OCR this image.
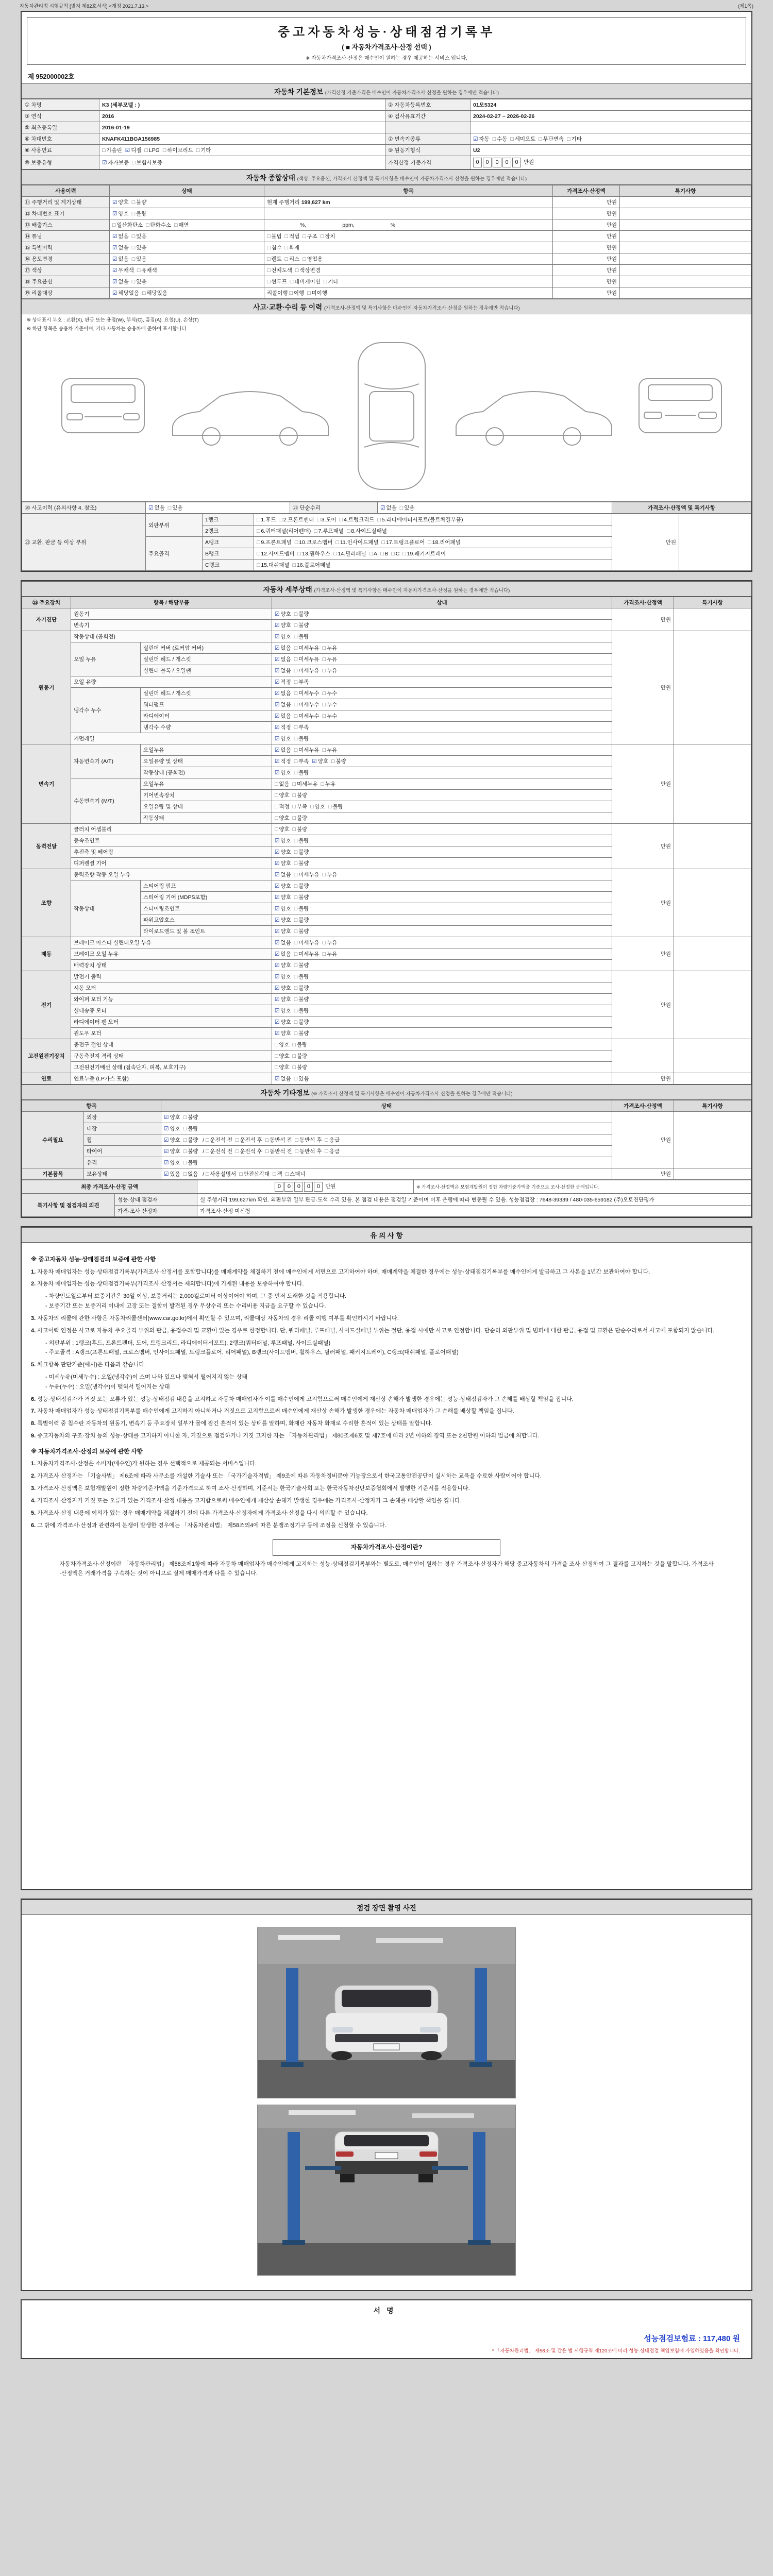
자동차관리법 시행규칙 [별지 제82호서식] <개정 2021.7.13.>	(제1쪽)
중고자동차성능·상태점검기록부
( ■ 자동차가격조사·산정 선택 )
※ 자동차가격조사·산정은 매수인이 원하는 경우 제공하는 서비스 입니다.
제 952000002호
자동차 기본정보 (가격산정 기준가격은 매수인이 자동차가격조사·산정을 원하는 경우에만 적습니다)
① 차명	K3 (세부모델 : )	② 자동차등록번호	01모5324
③ 연식	2016	④ 검사유효기간	2024-02-27 ~ 2026-02-26
⑤ 최초등록일	2016-01-19		
⑥ 차대번호	KNAFK411BGA156985	⑦ 변속기종류	☑ 자동 □ 수동 □ 세미오토 □ 무단변속 □ 기타
⑧ 사용연료	□ 가솔린 ☑ 디젤 □ LPG □ 하이브리드 □ 기타	⑨ 원동기형식	U2
⑩ 보증유형	☑ 자가보증 □ 보험사보증	가격산정 기준가격	0 0 0 0 0 만원
자동차 종합상태 (색상, 주요옵션, 가격조사·산정액 및 특기사항은 매수인이 자동차가격조사·산정을 원하는 경우에만 적습니다)
사용이력	상태	항목	가격조사·산정액	특기사항
⑪ 주행거리 및 계기상태	☑ 양호 □ 불량	현재 주행거리 199,627 km	만원	
⑫ 차대번호 표기	☑ 양호 □ 불량		만원	
⑬ 배출가스	□ 일산화탄소 □ 탄화수소 □ 매연	%, ppm, %	만원	
⑭ 튜닝	☑ 없음 □ 있음	□ 불법 □ 적법 □ 구조 □ 장치	만원	
⑮ 특별이력	☑ 없음 □ 있음	□ 침수 □ 화재	만원	
⑯ 용도변경	☑ 없음 □ 있음	□ 렌트 □ 리스 □ 영업용	만원	
⑰ 색상	☑ 무채색 □ 유채색	□ 전체도색 □ 색상변경	만원	
⑱ 주요옵션	☑ 없음 □ 있음	□ 썬루프 □ 네비게이션 □ 기타	만원	
⑲ 리콜대상	☑ 해당없음 □ 해당있음	리콜이행 □ 이행 □ 미이행	만원	
사고·교환·수리 등 이력 (가격조사·산정액 및 특기사항은 매수인이 자동차가격조사·산정을 원하는 경우에만 적습니다)
※ 상태표시 부호 : 교환(X), 판금 또는 용접(W), 부식(C), 흠집(A), 요철(U), 손상(T)
※ 하단 항목은 승용차 기준이며, 기타 자동차는 승용차에 준하여 표시합니다.
⑳ 사고이력 (유의사항 4. 참조)	☑ 없음 □ 있음	㉑ 단순수리	☑ 없음 □ 있음	가격조사·산정액 및 특기사항
㉒ 교환, 판금 등 이상 부위	외판부위	1랭크	□ 1.후드 □ 2.프론트펜더 □ 3.도어 □ 4.트렁크리드 □ 5.라디에이터서포트(볼트체결부품)	만원	
		2랭크	□ 6.쿼터패널(리어펜더) □ 7.루프패널 □ 8.사이드실패널		
	주요골격	A랭크	□ 9.프론트패널 □ 10.크로스멤버 □ 11.인사이드패널 □ 17.트렁크플로어 □ 18.리어패널		
		B랭크	□ 12.사이드멤버 □ 13.휠하우스 □ 14.필러패널 □ A □ B □ C □ 19.패키지트레이		
		C랭크	□ 15.대쉬패널 □ 16.플로어패널		
자동차 세부상태 (가격조사·산정액 및 특기사항은 매수인이 자동차가격조사·산정을 원하는 경우에만 적습니다)
㉓ 주요장치	항목 / 해당부품		상태	가격조사·산정액	특기사항
자기진단	원동기		☑ 양호 □ 불량	만원	
	변속기		☑ 양호 □ 불량		
원동기	작동상태 (공회전)		☑ 양호 □ 불량	만원	
	오일 누유	실린더 커버 (로커암 커버)	☑ 없음 □ 미세누유 □ 누유		
		실린더 헤드 / 개스킷	☑ 없음 □ 미세누유 □ 누유		
		실린더 블록 / 오일팬	☑ 없음 □ 미세누유 □ 누유		
	오일 유량		☑ 적정 □ 부족		
	냉각수 누수	실린더 헤드 / 개스킷	☑ 없음 □ 미세누수 □ 누수		
		워터펌프	☑ 없음 □ 미세누수 □ 누수		
		라디에이터	☑ 없음 □ 미세누수 □ 누수		
		냉각수 수량	☑ 적정 □ 부족		
	커먼레일		☑ 양호 □ 불량		
변속기	자동변속기 (A/T)	오일누유	☑ 없음 □ 미세누유 □ 누유	만원	
		오일유량 및 상태	☑ 적정 □ 부족 ☑ 양호 □ 불량		
		작동상태 (공회전)	☑ 양호 □ 불량		
	수동변속기 (M/T)	오일누유	□ 없음 □ 미세누유 □ 누유		
		기어변속장치	□ 양호 □ 불량		
		오일유량 및 상태	□ 적정 □ 부족 □ 양호 □ 불량		
		작동상태	□ 양호 □ 불량		
동력전달	클러치 어셈블리		□ 양호 □ 불량	만원	
	등속조인트		☑ 양호 □ 불량		
	추진축 및 베어링		☑ 양호 □ 불량		
	디퍼렌셜 기어		☑ 양호 □ 불량		
조향	동력조향 작동 오일 누유		☑ 없음 □ 미세누유 □ 누유	만원	
	작동상태	스티어링 펌프	☑ 양호 □ 불량		
		스티어링 기어 (MDPS포함)	☑ 양호 □ 불량		
		스티어링조인트	☑ 양호 □ 불량		
		파워고압호스	☑ 양호 □ 불량		
		타이로드엔드 및 볼 조인트	☑ 양호 □ 불량		
제동	브레이크 마스터 실린더오일 누유		☑ 없음 □ 미세누유 □ 누유	만원	
	브레이크 오일 누유		☑ 없음 □ 미세누유 □ 누유		
	배력장치 상태		☑ 양호 □ 불량		
전기	발전기 출력		☑ 양호 □ 불량	만원	
	시동 모터		☑ 양호 □ 불량		
	와이퍼 모터 기능		☑ 양호 □ 불량		
	실내송풍 모터		☑ 양호 □ 불량		
	라디에이터 팬 모터		☑ 양호 □ 불량		
	윈도우 모터		☑ 양호 □ 불량		
고전원전기장치	충전구 절연 상태		□ 양호 □ 불량		
	구동축전지 격리 상태		□ 양호 □ 불량		
	고전원전기배선 상태 (접속단자, 피복, 보호기구)		□ 양호 □ 불량		
연료	연료누출 (LP가스 포함)		☑ 없음 □ 있음	만원	
자동차 기타정보 (※ 가격조사·산정액 및 특기사항은 매수인이 자동차가격조사·산정을 원하는 경우에만 적습니다)
항목		상태	가격조사·산정액	특기사항
수리필요	외장	☑ 양호 □ 불량	만원	
	내장	☑ 양호 □ 불량		
	휠	☑ 양호 □ 불량 / □ 운전석 전 □ 운전석 후 □ 동반석 전 □ 동반석 후 □ 응급		
	타이어	☑ 양호 □ 불량 / □ 운전석 전 □ 운전석 후 □ 동반석 전 □ 동반석 후 □ 응급		
	유리	☑ 양호 □ 불량		
기본품목	보유상태	☑ 있음 □ 없음 / □ 사용설명서 □ 안전삼각대 □ 잭 □ 스패너	만원	
최종 가격조사·산정 금액	0 0 0 0 0 만원	※ 가격조사·산정액은 보험개발원이 정한 차량기준가액을 기준으로 조사·산정한 금액입니다.
특기사항 및 점검자의 의견	성능·상태 점검자	실 주행거리 199,627km 확인. 외판부위 일부 판금·도색 수리 있음. 본 점검 내용은 점검일 기준이며 이후 운행에 따라 변동될 수 있음. 성능점검장 : 7648-39339 / 480-035-659182 (주)오토진단평가
	가격·조사 산정자	가격조사·산정 미신청
유 의 사 항
※ 중고자동차 성능·상태점검의 보증에 관한 사항
1. 자동차 매매업자는 성능·상태점검기록부(가격조사·산정서를 포함합니다)를 매매계약을 체결하기 전에 매수인에게 서면으로 고지하여야 하며, 매매계약을 체결한 경우에는 성능·상태점검기록부를 매수인에게 발급하고 그 사본을 1년간 보관하여야 합니다.
2. 자동차 매매업자는 성능·상태점검기록부(가격조사·산정서는 제외합니다)에 기재된 내용을 보증하여야 합니다.
- 차량인도일로부터 보증기간은 30일 이상, 보증거리는 2,000킬로미터 이상이어야 하며, 그 중 먼저 도래한 것을 적용합니다.
- 보증기간 또는 보증거리 이내에 고장 또는 결함이 발견된 경우 무상수리 또는 수리비용 지급을 요구할 수 있습니다.
3. 자동차의 리콜에 관한 사항은 자동차리콜센터(www.car.go.kr)에서 확인할 수 있으며, 리콜대상 자동차의 경우 리콜 이행 여부를 확인하시기 바랍니다.
4. 사고이력 인정은 사고로 자동차 주요골격 부위의 판금, 용접수리 및 교환이 있는 경우로 한정합니다. 단, 쿼터패널, 루프패널, 사이드실패널 부위는 절단, 용접 시에만 사고로 인정합니다. 단순히 외판부위 및 범퍼에 대한 판금, 용접 및 교환은 단순수리로서 사고에 포함되지 않습니다.
- 외판부위 : 1랭크(후드, 프론트펜더, 도어, 트렁크리드, 라디에이터서포트), 2랭크(쿼터패널, 루프패널, 사이드실패널)
- 주요골격 : A랭크(프론트패널, 크로스멤버, 인사이드패널, 트렁크플로어, 리어패널), B랭크(사이드멤버, 휠하우스, 필러패널, 패키지트레이), C랭크(대쉬패널, 플로어패널)
5. 체크항목 판단기준(예시)은 다음과 같습니다.
- 미세누유(미세누수) : 오일(냉각수)이 스며 나와 있으나 맺혀서 떨어지지 않는 상태
- 누유(누수) : 오일(냉각수)이 맺혀서 떨어지는 상태
6. 성능·상태점검자가 거짓 또는 오류가 있는 성능·상태점검 내용을 고지하고 자동차 매매업자가 이를 매수인에게 고지함으로써 매수인에게 재산상 손해가 발생한 경우에는 성능·상태점검자가 그 손해를 배상할 책임을 집니다.
7. 자동차 매매업자가 성능·상태점검기록부를 매수인에게 고지하지 아니하거나 거짓으로 고지함으로써 매수인에게 재산상 손해가 발생한 경우에는 자동차 매매업자가 그 손해를 배상할 책임을 집니다.
8. 특별이력 중 침수란 자동차의 원동기, 변속기 등 주요장치 일부가 물에 잠긴 흔적이 있는 상태를 말하며, 화재란 자동차 화재로 수리한 흔적이 있는 상태를 말합니다.
9. 중고자동차의 구조·장치 등의 성능·상태를 고지하지 아니한 자, 거짓으로 점검하거나 거짓 고지한 자는 「자동차관리법」 제80조제6호 및 제7호에 따라 2년 이하의 징역 또는 2천만원 이하의 벌금에 처합니다.
※ 자동차가격조사·산정의 보증에 관한 사항
1. 자동차가격조사·산정은 소비자(매수인)가 원하는 경우 선택적으로 제공되는 서비스입니다.
2. 가격조사·산정자는 「기술사법」 제6조에 따라 사무소를 개설한 기술사 또는 「국가기술자격법」 제9조에 따른 자동차정비분야 기능장으로서 한국교통안전공단이 실시하는 교육을 수료한 사람이어야 합니다.
3. 가격조사·산정액은 보험개발원이 정한 차량기준가액을 기준가격으로 하여 조사·산정하며, 기준서는 한국기술사회 또는 한국자동차진단보증협회에서 발행한 기준서를 적용합니다.
4. 가격조사·산정자가 거짓 또는 오류가 있는 가격조사·산정 내용을 고지함으로써 매수인에게 재산상 손해가 발생한 경우에는 가격조사·산정자가 그 손해를 배상할 책임을 집니다.
5. 가격조사·산정 내용에 이의가 있는 경우 매매계약을 체결하기 전에 다른 가격조사·산정자에게 가격조사·산정을 다시 의뢰할 수 있습니다.
6. 그 밖에 가격조사·산정과 관련하여 분쟁이 발생한 경우에는 「자동차관리법」 제58조의4에 따른 분쟁조정기구 등에 조정을 신청할 수 있습니다.
자동차가격조사·산정이란?
자동차가격조사·산정이란 「자동차관리법」 제58조제1항에 따라 자동차 매매업자가 매수인에게 고지하는 성능·상태점검기록부와는 별도로, 매수인이 원하는 경우 가격조사·산정자가 해당 중고자동차의 가격을 조사·산정하여 그 결과를 고지하는 것을 말합니다. 가격조사·산정액은 거래가격을 구속하는 것이 아니므로 실제 매매가격과 다를 수 있습니다.
점검 장면 촬영 사진
서명
성능점검보험료 : 117,480 원
* 「자동차관리법」 제58조 및 같은 법 시행규칙 제120조에 따라 성능·상태점검 책임보험에 가입하였음을 확인합니다.
